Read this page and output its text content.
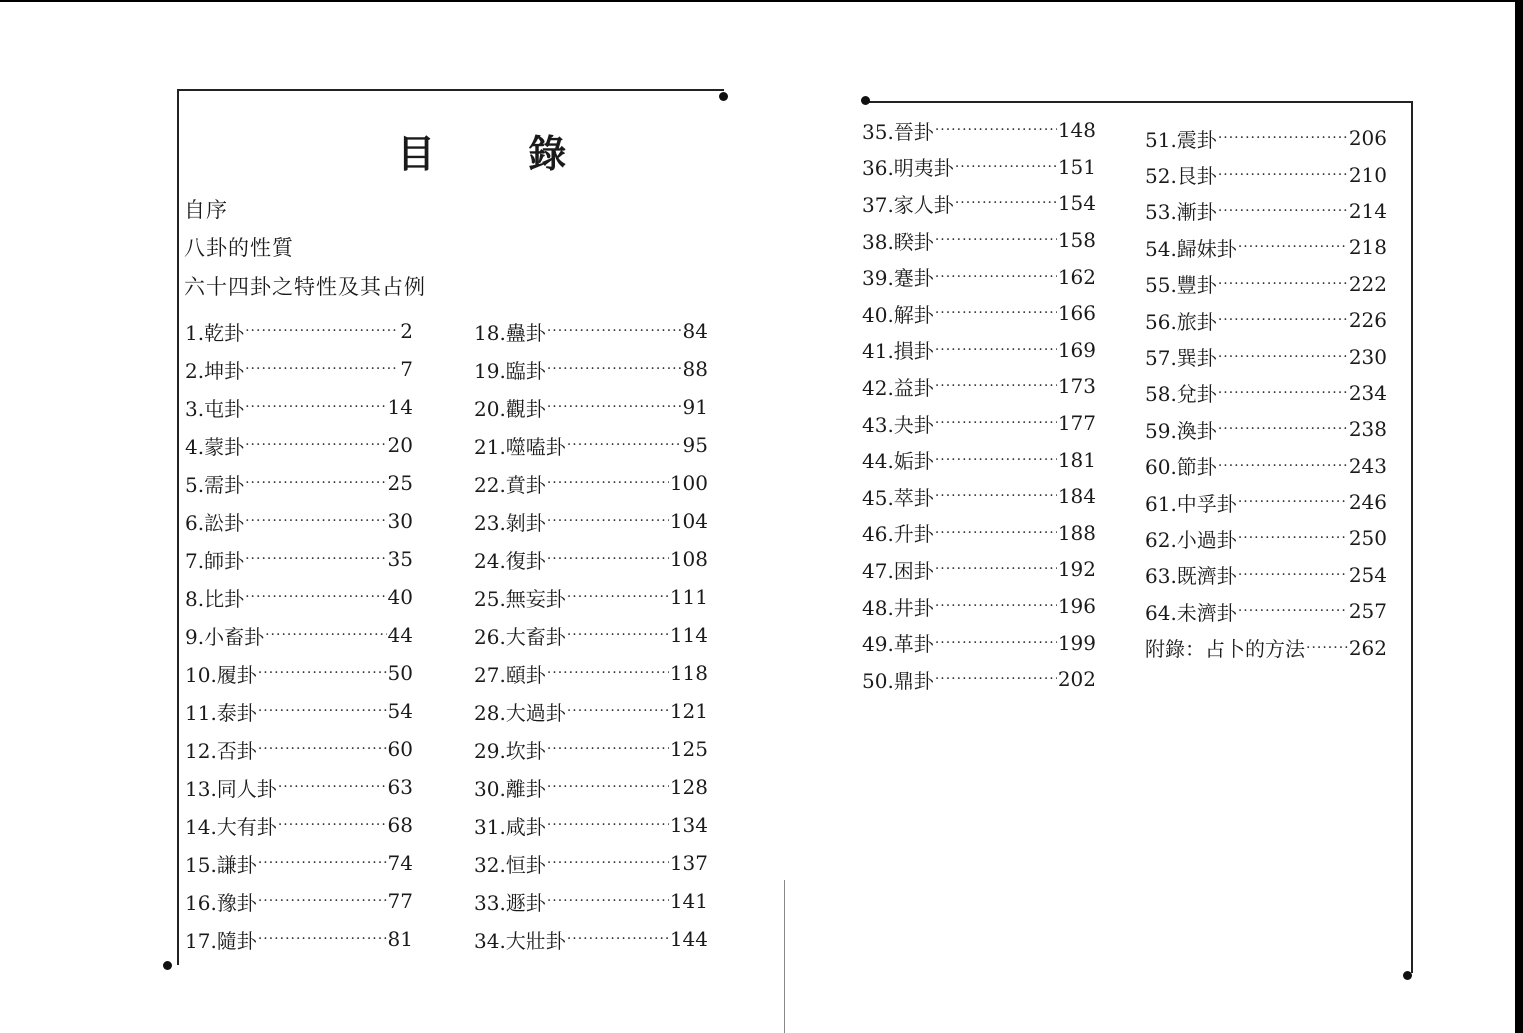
目 錄
自序
八卦的性質
六十四卦之特性及其占例
1.乾卦 ·····	2
2.坤卦 ·····	7
3.屯卦 ·····	14
4.蒙卦 ·····	20
5.需卦 ·····	25
6.訟卦 ·····	30
7.師卦 ·····	35
8.比卦 ·····	40
9.小畜卦 ·····	44
10.履卦 ·····	50
11.泰卦 ·····	54
12.否卦 ·····	60
13.同人卦 ·····	63
14.大有卦 ·····	68
15.謙卦 ·····	74
16.豫卦 ·····	77
17.隨卦 ·····	81
18.蠱卦 ·····	84
19.臨卦 ·····	88
20.觀卦 ·····	91
21.噬嗑卦 ·····	95
22.賁卦 ·····	100
23.剝卦 ·····	104
24.復卦 ·····	108
25.無妄卦 ·····	111
26.大畜卦 ·····	114
27.頤卦 ·····	118
28.大過卦 ·····	121
29.坎卦 ·····	125
30.離卦 ·····	128
31.咸卦 ·····	134
32.恒卦 ·····	137
33.遯卦 ·····	141
34.大壯卦 ·····	144
35.晉卦 ·····	148
36.明夷卦 ·····	151
37.家人卦 ·····	154
38.睽卦 ·····	158
39.蹇卦 ·····	162
40.解卦 ·····	166
41.損卦 ·····	169
42.益卦 ·····	173
43.夬卦 ·····	177
44.姤卦 ·····	181
45.萃卦 ·····	184
46.升卦 ·····	188
47.困卦 ·····	192
48.井卦 ·····	196
49.革卦 ·····	199
50.鼎卦 ·····	202
51.震卦 ·····	206
52.艮卦 ·····	210
53.漸卦 ·····	214
54.歸妹卦 ·····	218
55.豐卦 ·····	222
56.旅卦 ·····	226
57.巽卦 ·····	230
58.兌卦 ·····	234
59.渙卦 ·····	238
60.節卦 ·····	243
61.中孚卦 ·····	246
62.小過卦 ·····	250
63.既濟卦 ·····	254
64.未濟卦 ·····	257
附錄：占卜的方法 ····· 262
